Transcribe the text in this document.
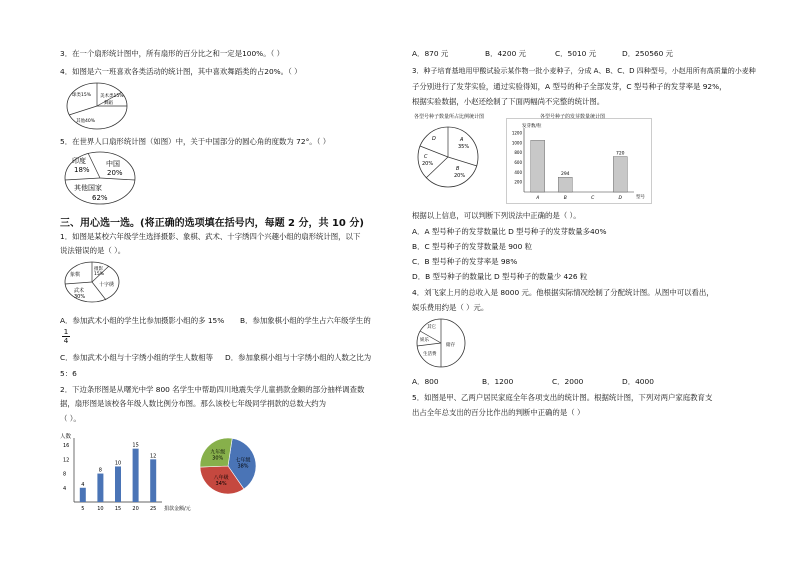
3．在一个扇形统计图中，所有扇形的百分比之和一定是100%。（ ）
4．如图是六一班喜欢各类活动的统计图，其中喜欢舞蹈类的占20%。（ ）
球类15% 美术类15%
舞蹈
其他40%
5．在世界人口扇形统计图（如图）中，关于中国部分的圆心角的度数为 72°。（ ）
印度
18%
中国
20%
其他国家
62%
三、用心选一选。(将正确的选项填在括号内，每题 2 分，共 10 分)
1．如图是某校六年级学生选择摄影、象棋、武术、十字绣四个兴趣小组的扇形统计图，以下
说法错误的是（ ）。
象棋
摄影
15%
武术
30%
十字绣
A．参加武术小组的学生比参加摄影小组的多 15% B．参加象棋小组的学生占六年级学生的
$\frac{1}{4}$
C．参加武术小组与十字绣小组的学生人数相等 D．参加象棋小组与十字绣小组的人数之比为
5：6
2．下边条形图是从曙光中学 800 名学生中帮助四川地震失学儿童捐款金额的部分抽样调查数
据，扇形图是该校各年级人数比例分布图。那么该校七年级同学捐款的总数大约为
（ ）。
人数
4
8
12
16
4
8
10
15
12
5	10 15 20 25 捐款金额/元
七年级
38%
八年级
34%
九年级
30%
A．870 元	B．4200 元	C．5010 元	D．250560 元
3．种子培育基地用甲酸试验示某作物一批小麦种子，分成 A、B、C、D 四种型号，小赵用所有高质量的小麦种
子分别进行了发芽实验，通过实验得知，A 型号的种子全部发芽，C 型号种子的发芽率是 92%，
根据实验数据，小赵还绘制了下面两幅尚不完整的统计图。
各型号种子数量所占比例统计图
D	A
35%
B
20%
C
20%
各型号种子的发芽数量统计图
发芽数/粒
200
400
600
800
1000
1200
294
720
A	B	C	D	型号
根据以上信息，可以判断下列说法中正确的是（ ）。
A．A 型号种子的发芽数量比 D 型号种子的发芽数量多40%
B．C 型号种子的发芽数量是 900 粒
C．B 型号种子的发芽率是 98%
D．B 型号种子的数量比 D 型号种子的数量少 426 粒
4．刘飞家上月的总收入是 8000 元。他根据实际情况绘制了分配统计图。从图中可以看出，
娱乐费用约是（ ）元。
其它
娱乐
生活费
储存
A．800	B．1200	C．2000	D．4000
5．如图是甲、乙两户居民家庭全年各项支出的统计图。根据统计图，下列对两户家庭教育支
出占全年总支出的百分比作出的判断中正确的是（ ）
